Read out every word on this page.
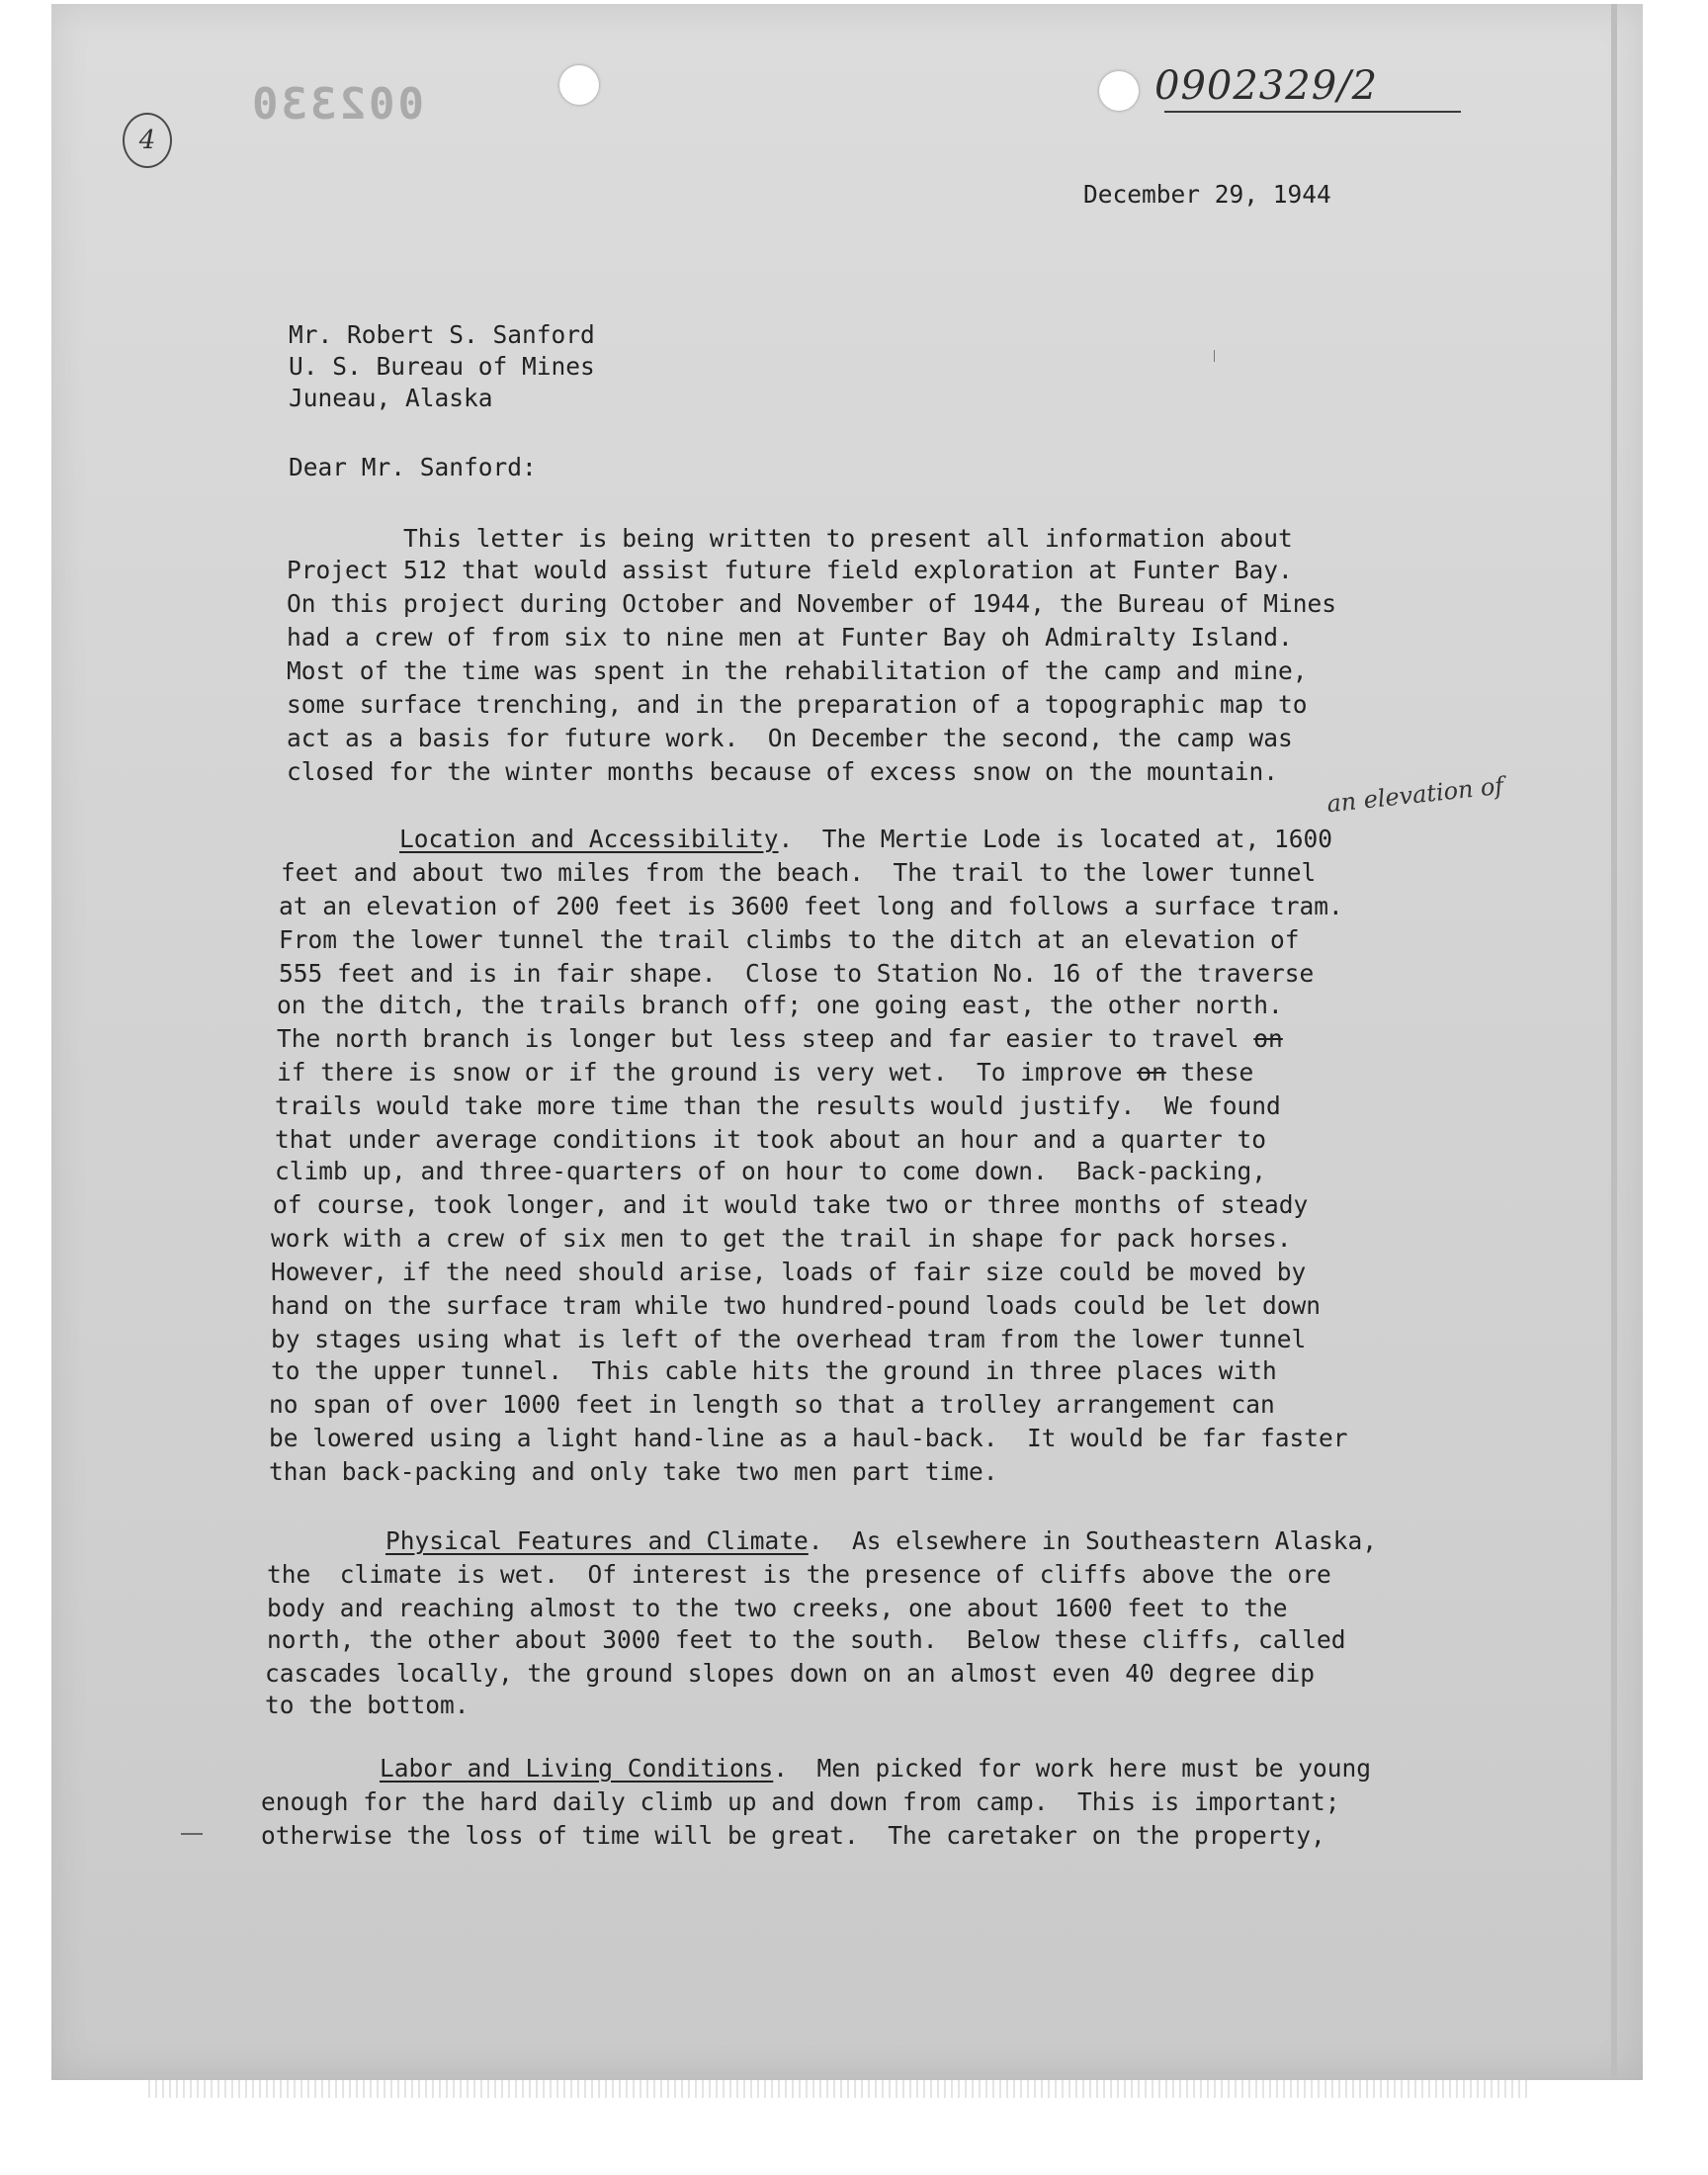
002330
4
0902329/2
December 29, 1944
Mr. Robert S. Sanford
U. S. Bureau of Mines
Juneau, Alaska
Dear Mr. Sanford:
This letter is being written to present all information about
Project 512 that would assist future field exploration at Funter Bay.
On this project during October and November of 1944, the Bureau of Mines
had a crew of from six to nine men at Funter Bay oh Admiralty Island.
Most of the time was spent in the rehabilitation of the camp and mine,
some surface trenching, and in the preparation of a topographic map to
act as a basis for future work.  On December the second, the camp was
closed for the winter months because of excess snow on the mountain.
an elevation of
Location and Accessibility.  The Mertie Lode is located at, 1600
feet and about two miles from the beach.  The trail to the lower tunnel
at an elevation of 200 feet is 3600 feet long and follows a surface tram.
From the lower tunnel the trail climbs to the ditch at an elevation of
555 feet and is in fair shape.  Close to Station No. 16 of the traverse
on the ditch, the trails branch off; one going east, the other north.
The north branch is longer but less steep and far easier to travel on
if there is snow or if the ground is very wet.  To improve on these
trails would take more time than the results would justify.  We found
that under average conditions it took about an hour and a quarter to
climb up, and three-quarters of on hour to come down.  Back-packing,
of course, took longer, and it would take two or three months of steady
work with a crew of six men to get the trail in shape for pack horses.
However, if the need should arise, loads of fair size could be moved by
hand on the surface tram while two hundred-pound loads could be let down
by stages using what is left of the overhead tram from the lower tunnel
to the upper tunnel.  This cable hits the ground in three places with
no span of over 1000 feet in length so that a trolley arrangement can
be lowered using a light hand-line as a haul-back.  It would be far faster
than back-packing and only take two men part time.
Physical Features and Climate.  As elsewhere in Southeastern Alaska,
the  climate is wet.  Of interest is the presence of cliffs above the ore
body and reaching almost to the two creeks, one about 1600 feet to the
north, the other about 3000 feet to the south.  Below these cliffs, called
cascades locally, the ground slopes down on an almost even 40 degree dip
to the bottom.
Labor and Living Conditions.  Men picked for work here must be young
enough for the hard daily climb up and down from camp.  This is important;
otherwise the loss of time will be great.  The caretaker on the property,
